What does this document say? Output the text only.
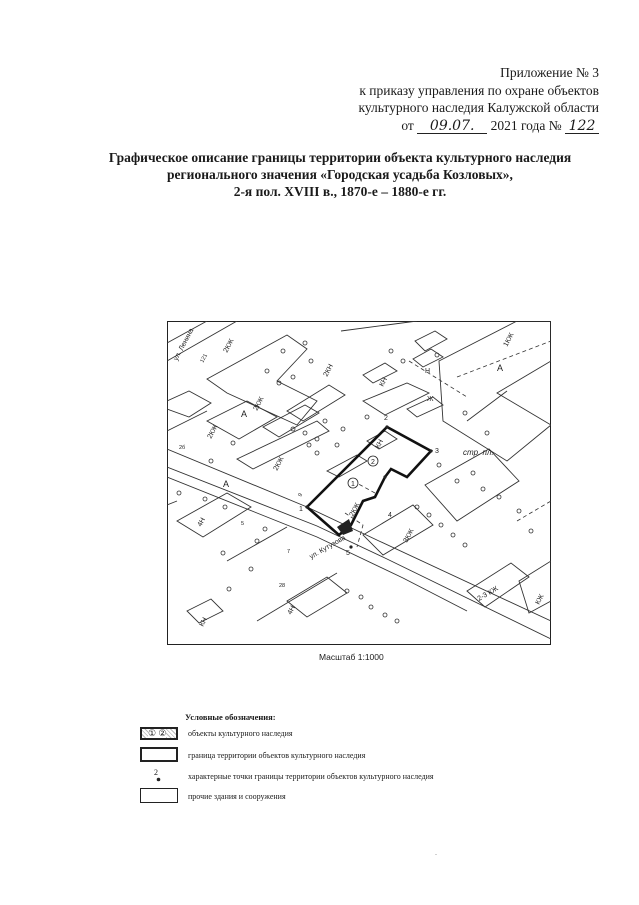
Приложение № 3
к приказу управления по охране объектов
культурного наследия Калужской области
от 09.07. 2021 года № 122
Графическое описание границы территории объекта культурного наследия
регионального значения «Городская усадьба Козловых»,
2-я пол. XVIII в., 1870-е – 1880-е гг.
ул. Ленина
ул. Кутузова
2КЖ
2КЖ
2КЖ
2КН
КН
КН
2КЖ
4Н
Н
Ж
стр. пл.
3КЖ
2-3 КЖ	КЖ
КН
4Н
2КЖ
1КЖ
А
А
А
1
2
3
4
5
1
2
5
7
9
28
121
2б
Масштаб 1:1000
Условные обозначения:
① ②	объекты культурного наследия
граница территории объектов культурного наследия
2	характерные точки границы территории объектов культурного наследия
прочие здания и сооружения
.
